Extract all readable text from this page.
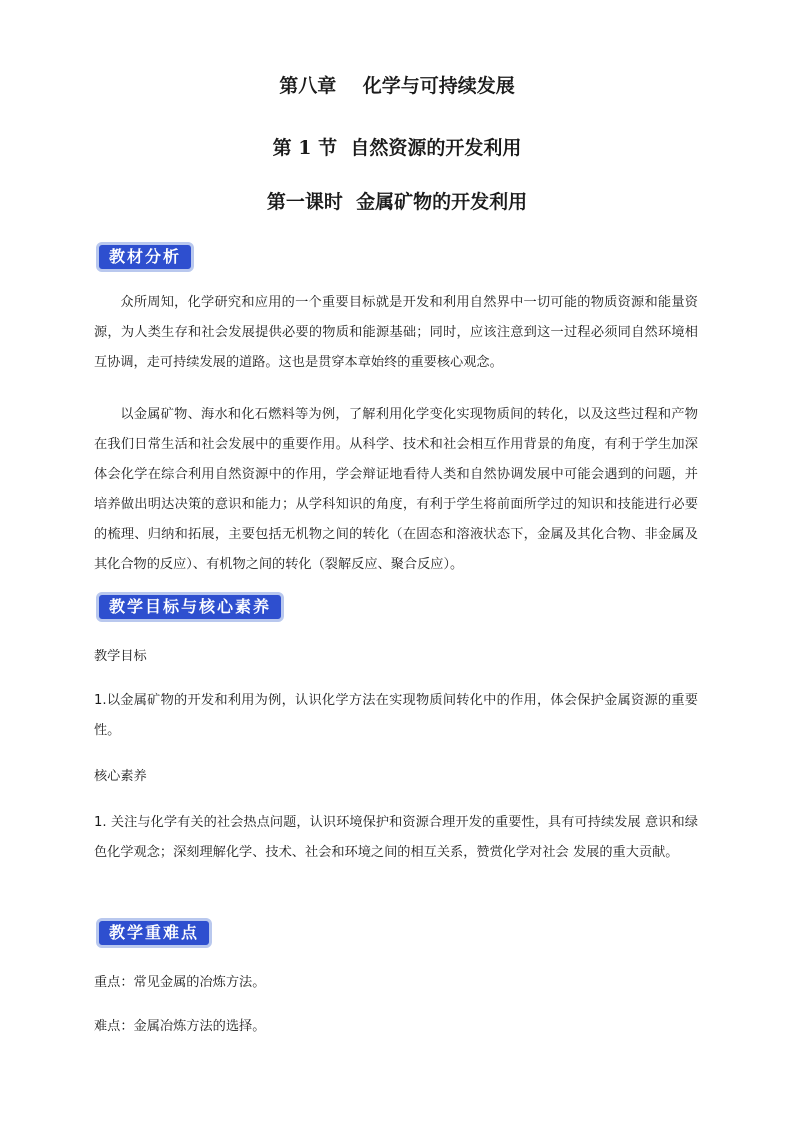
第八章    化学与可持续发展
第 1 节  自然资源的开发利用
第一课时  金属矿物的开发利用
教材分析

众所周知，化学研究和应用的一个重要目标就是开发和利用自然界中一切可能的物质资源和能量资源，为人类生存和社会发展提供必要的物质和能源基础；同时，应该注意到这一过程必须同自然环境相互协调，走可持续发展的道路。这也是贯穿本章始终的重要核心观念。

以金属矿物、海水和化石燃料等为例，了解利用化学变化实现物质间的转化，以及这些过程和产物在我们日常生活和社会发展中的重要作用。从科学、技术和社会相互作用背景的角度，有利于学生加深体会化学在综合利用自然资源中的作用，学会辩证地看待人类和自然协调发展中可能会遇到的问题，并培养做出明达决策的意识和能力；从学科知识的角度，有利于学生将前面所学过的知识和技能进行必要的梳理、归纳和拓展，主要包括无机物之间的转化（在固态和溶液状态下，金属及其化合物、非金属及其化合物的反应）、有机物之间的转化（裂解反应、聚合反应）。

教学目标与核心素养

教学目标

1.以金属矿物的开发和利用为例，认识化学方法在实现物质间转化中的作用，体会保护金属资源的重要性。

核心素养

1. 关注与化学有关的社会热点问题，认识环境保护和资源合理开发的重要性，具有可持续发展 意识和绿色化学观念；深刻理解化学、技术、社会和环境之间的相互关系，赞赏化学对社会 发展的重大贡献。

教学重难点

重点：常见金属的冶炼方法。

难点：金属冶炼方法的选择。
